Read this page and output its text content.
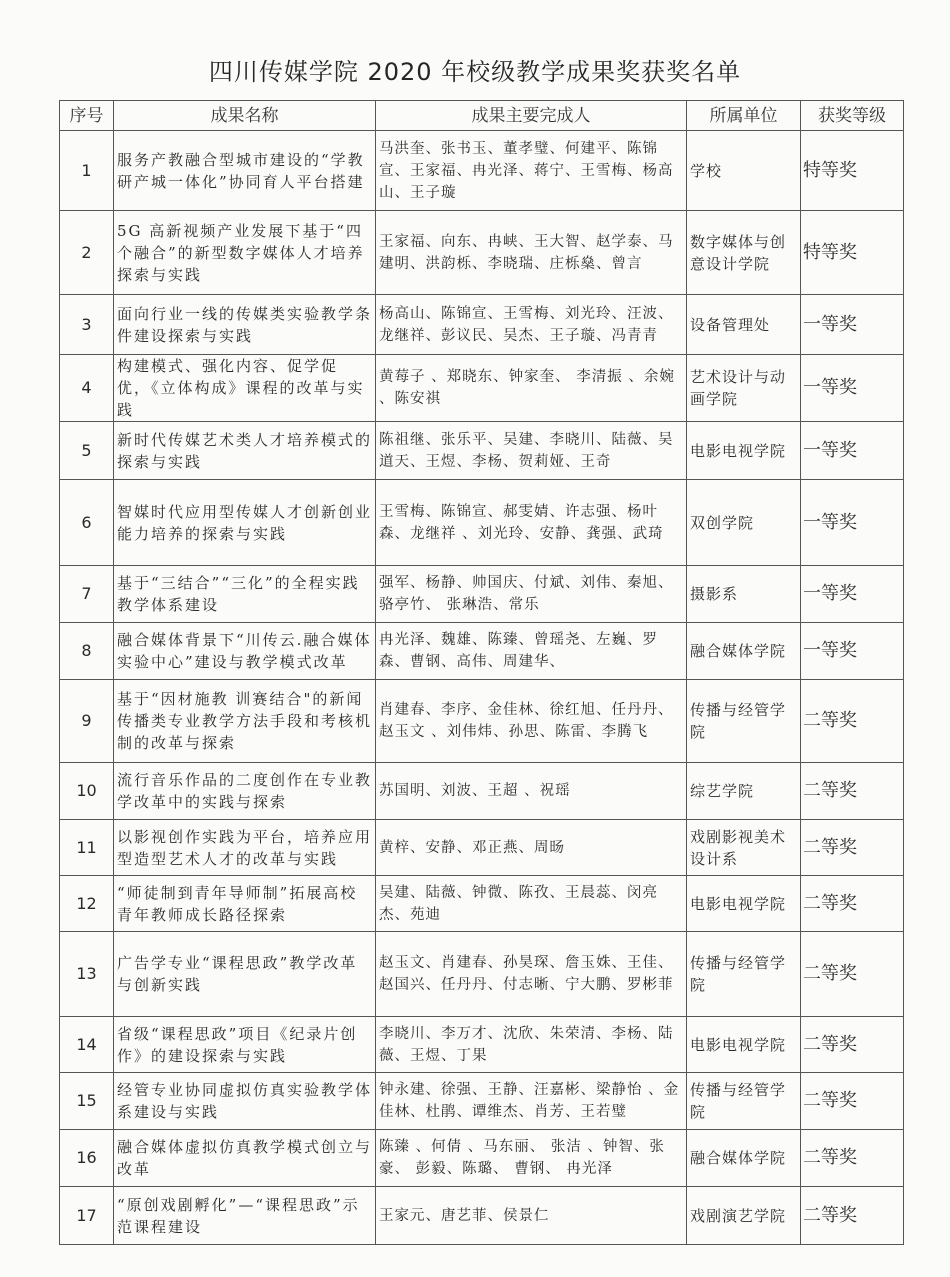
四川传媒学院 2020 年校级教学成果奖获奖名单
序号	成果名称	成果主要完成人	所属单位	获奖等级
1	服务产教融合型城市建设的“学教研产城一体化”协同育人平台搭建	马洪奎、张书玉、董孝璧、何建平、陈锦宣、王家福、冉光泽、蒋宁、王雪梅、杨高山、王子璇	学校	特等奖
2	5G 高新视频产业发展下基于“四个融合”的新型数字媒体人才培养探索与实践	王家福、向东、冉峡、王大智、赵学泰、马建明、洪韵栎、李晓瑞、庄栎燊、曾言	数字媒体与创意设计学院	特等奖
3	面向行业一线的传媒类实验教学条件建设探索与实践	杨高山、陈锦宣、王雪梅、刘光玲、汪波、龙继祥、彭议民、吴杰、王子璇、冯青青	设备管理处	一等奖
4	构建模式、强化内容、促学促优，《立体构成》课程的改革与实践	黄莓子 、郑晓东、钟家奎、 李清振 、余婉 、陈安祺	艺术设计与动画学院	一等奖
5	新时代传媒艺术类人才培养模式的探索与实践	陈祖继、张乐平、吴建、李晓川、陆薇、吴道天、王煜、李杨、贺莉娅、王奇	电影电视学院	一等奖
6	智媒时代应用型传媒人才创新创业能力培养的探索与实践	王雪梅、陈锦宣、郝雯婧、许志强、杨叶森、龙继祥 、刘光玲、安静、龚强、武琦	双创学院	一等奖
7	基于“三结合”“三化”的全程实践教学体系建设	强军、杨静、帅国庆、付斌、刘伟、秦旭、骆亭竹、 张琳浩、常乐	摄影系	一等奖
8	融合媒体背景下“川传云.融合媒体实验中心”建设与教学模式改革	冉光泽、魏雄、陈臻、曾瑶尧、左巍、罗森、曹钢、高伟、周建华、	融合媒体学院	一等奖
9	基于“因材施教 训赛结合"的新闻传播类专业教学方法手段和考核机制的改革与探索	肖建春、李序、金佳林、徐红旭、任丹丹、赵玉文 、刘伟炜、孙思、陈雷、李腾飞	传播与经管学院	二等奖
10	流行音乐作品的二度创作在专业教学改革中的实践与探索	苏国明、刘波、王超 、祝瑶	综艺学院	二等奖
11	以影视创作实践为平台，培养应用型造型艺术人才的改革与实践	黄梓、安静、邓正燕、周旸	戏剧影视美术设计系	二等奖
12	“师徒制到青年导师制”拓展高校青年教师成长路径探索	吴建、陆薇、钟微、陈孜、王晨蕊、闵亮杰、苑迪	电影电视学院	二等奖
13	广告学专业“课程思政”教学改革与创新实践	赵玉文、肖建春、孙昊琛、詹玉姝、王佳、赵国兴、任丹丹、付志晰、宁大鹏、罗彬菲	传播与经管学院	二等奖
14	省级“课程思政”项目《纪录片创作》的建设探索与实践	李晓川、李万才、沈欣、朱荣清、李杨、陆薇、王煜、丁果	电影电视学院	二等奖
15	经管专业协同虚拟仿真实验教学体系建设与实践	钟永建、徐强、王静、汪嘉彬、梁静怡 、金佳林、杜鹃、谭维杰、肖芳、王若璧	传播与经管学院	二等奖
16	融合媒体虚拟仿真教学模式创立与改革	陈臻 、何倩 、马东丽、 张洁 、钟智、张豪、 彭毅、陈璐、 曹钢、 冉光泽	融合媒体学院	二等奖
17	“原创戏剧孵化”—“课程思政”示范课程建设	王家元、唐艺菲、侯景仁	戏剧演艺学院	二等奖
